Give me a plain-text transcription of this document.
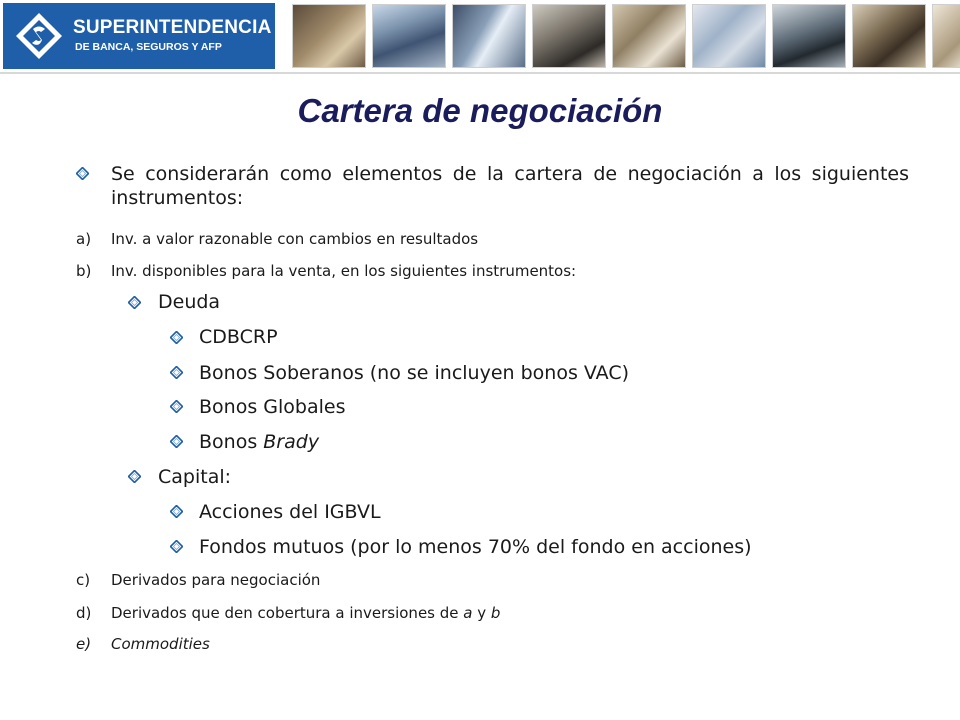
SUPERINTENDENCIA
DE BANCA, SEGUROS Y AFP
Cartera de negociación
Se considerarán como elementos de la cartera de negociación a los siguientes instrumentos:
a) Inv. a valor razonable con cambios en resultados
b) Inv. disponibles para la venta, en los siguientes instrumentos:
Deuda
CDBCRP
Bonos Soberanos (no se incluyen bonos VAC)
Bonos Globales
Bonos Brady
Capital:
Acciones del IGBVL
Fondos mutuos (por lo menos 70% del fondo en acciones)
c) Derivados para negociación
d) Derivados que den cobertura a inversiones de a y b
e) Commodities
